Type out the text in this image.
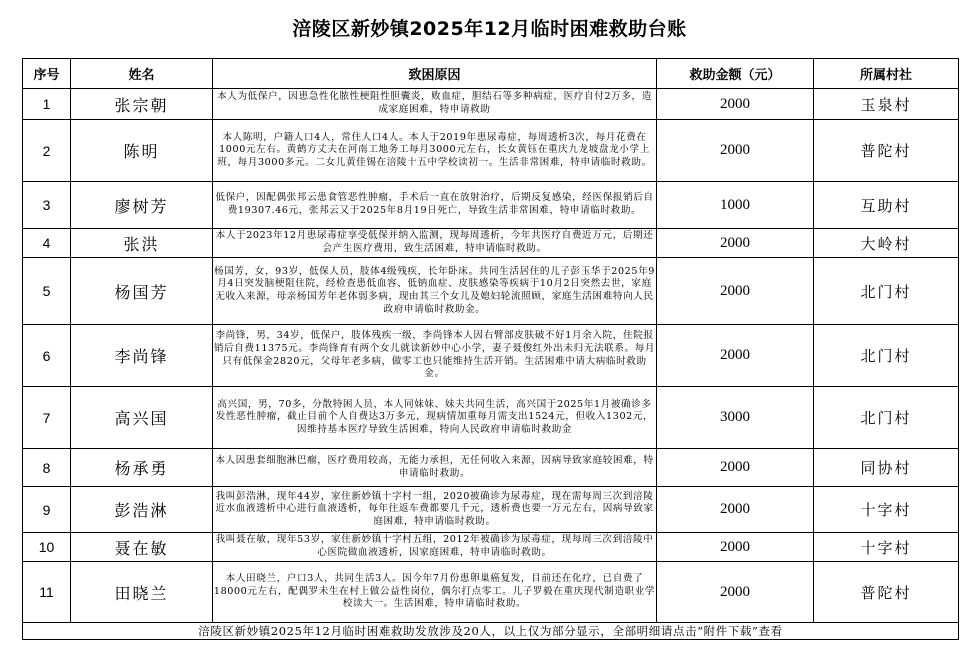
涪陵区新妙镇2025年12月临时困难救助台账
序号	姓名	致困原因	救助金额（元）	所属村社
1	张宗朝	本人为低保户，因患急性化脓性梗阻性胆囊炎，败血症，胆结石等多种病症，医疗自付2万多，造成家庭困难，特申请救助	2000	玉泉村
2	陈明	本人陈明，户籍人口4人，常住人口4人。本人于2019年患尿毒症，每周透析3次，每月花费在1000元左右。黄鹤方丈夫在河南工地务工每月3000元左右，长女黄钰在重庆九龙坡盘龙小学上班，每月3000多元。二女儿黄佳锡在涪陵十五中学校读初一。生活非常困难，特申请临时救助。	2000	普陀村
3	廖树芳	低保户，因配偶张邦云患食管恶性肿瘤，手术后一直在放射治疗，后期反复感染，经医保报销后自费19307.46元，张邦云又于2025年8月19日死亡，导致生活非常困难，特申请临时救助。	1000	互助村
4	张洪	本人于2023年12月患尿毒症享受低保并纳入监测，现每周透析，今年共医疗自费近万元，后期还会产生医疗费用，致生活困难，特申请临时救助。	2000	大岭村
5	杨国芳	杨国芳，女，93岁，低保人员，肢体4级残疾，长年卧床。共同生活居住的儿子彭玉华于2025年9月4日突发脑梗阻住院，经检查患低血容、低钠血症、皮肤感染等疾病于10月2日突然去世，家庭无收入来源，母亲杨国芳年老体弱多病，现由其三个女儿及媳妇轮流照顾，家庭生活困难特向人民政府申请临时救助金。	2000	北门村
6	李尚锋	李尚锋，男，34岁，低保户，肢体残疾一级，李尚锋本人因右臂部皮肤破不好1月余入院，住院报销后自费11375元。李尚锋育有两个女儿就读新妙中心小学，妻子聂俊红外出未归无法联系。每月只有低保金2820元，父母年老多病，做零工也只能维持生活开销。生活困难中请大病临时救助金。	2000	北门村
7	高兴国	高兴国，男，70多，分散特困人员，本人同妹妹、妹夫共同生活，高兴国于2025年1月被确诊多发性恶性肿瘤，截止目前个人自费达3万多元，现病情加重每月需支出1524元，但收入1302元，因维持基本医疗导致生活困难，特向人民政府申请临时救助金	3000	北门村
8	杨承勇	本人因患套细胞淋巴瘤，医疗费用较高，无能力承担，无任何收入来源，因病导致家庭较困难，特申请临时救助。	2000	同协村
9	彭浩淋	我叫彭浩淋，现年44岁，家住新妙镇十字村一组，2020被确诊为尿毒症，现在需每周三次到涪陵近水血液透析中心进行血液透析，每年往返车费都要几千元，透析费也要一万元左右，因病导致家庭困难，特申请临时救助。	2000	十字村
10	聂在敏	我叫聂在敏，现年53岁，家住新妙镇十字村五组，2012年被确诊为尿毒症，现每周三次到涪陵中心医院做血液透析，因家庭困难，特申请临时救助。	2000	十字村
11	田晓兰	本人田晓兰，户口3人，共同生活3人。因今年7月份患卵巢癌复发，目前还在化疗，已自费了18000元左右，配偶罗未生在村上做公益性岗位，偶尔打点零工。儿子罗毅在重庆现代制造职业学校读大一。生活困难，特申请临时救助。	2000	普陀村
涪陵区新妙镇2025年12月临时困难救助发放涉及20人，以上仅为部分显示，全部明细请点击“附件下载”查看				
